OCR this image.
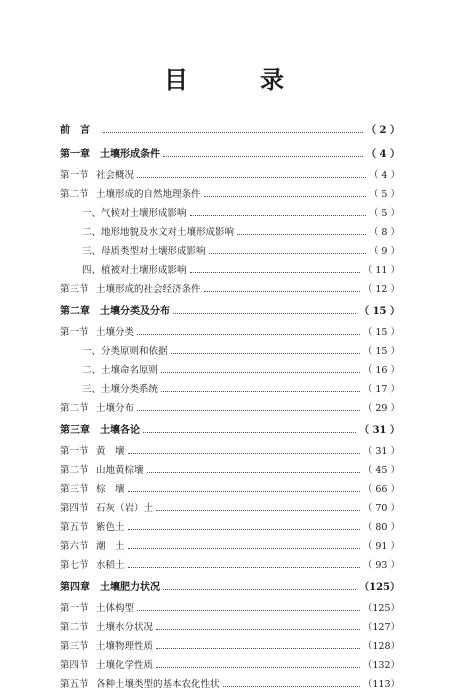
目	录
前　言	（ 2 ）
第一章	土壤形成条件	（ 4 ）
第一节 社会概况	（ 4 ）
第二节 土壤形成的自然地理条件	（ 5 ）
一、 气候对土壤形成影响	（ 5 ）
二、 地形地貌及水文对土壤形成影响	（ 8 ）
三、 母质类型对土壤形成影响	（ 9 ）
四、 植被对土壤形成影响	（ 11 ）
第三节 土壤形成的社会经济条件	（ 12 ）
第二章	土壤分类及分布	（ 15 ）
第一节 土壤分类	（ 15 ）
一、 分类原则和依据	（ 15 ）
二、 土壤命名原则	（ 16 ）
三、 土壤分类系统	（ 17 ）
第二节 土壤分布	（ 29 ）
第三章	土壤各论	（ 31 ）
第一节 黄　壤	（ 31 ）
第二节 山地黄棕壤	（ 45 ）
第三节 棕　壤	（ 66 ）
第四节 石灰（岩）土	（ 70 ）
第五节 紫色土	（ 80 ）
第六节 潮　土	（ 91 ）
第七节 水稻土	（ 93 ）
第四章	土壤肥力状况	（125）
第一节 土体构型	（125）
第二节 土壤水分状况	（127）
第三节 土壤物理性质	（128）
第四节 土壤化学性质	（132）
第五节 各种土壤类型的基本农化性状	（113）
